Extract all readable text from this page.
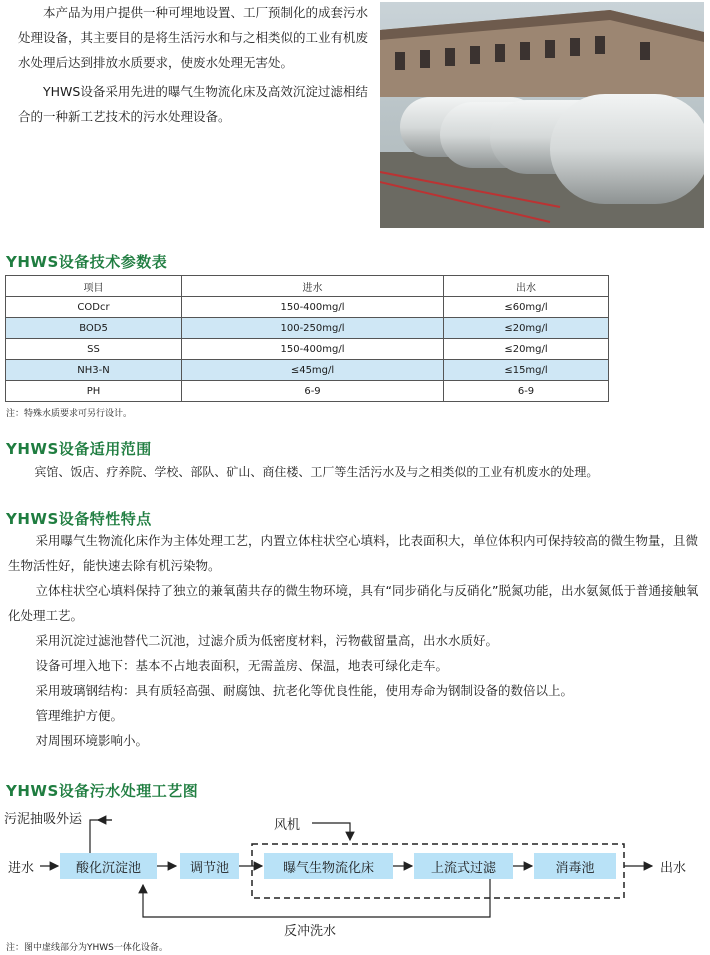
本产品为用户提供一种可埋地设置、工厂预制化的成套污水处理设备，其主要目的是将生活污水和与之相类似的工业有机废水处理后达到排放水质要求，使废水处理无害处。

YHWS设备采用先进的曝气生物流化床及高效沉淀过滤相结合的一种新工艺技术的污水处理设备。

YHWS设备技术参数表
项目	进水	出水
CODcr	150-400mg/l	≤60mg/l
BOD5	100-250mg/l	≤20mg/l
SS	150-400mg/l	≤20mg/l
NH3-N	≤45mg/l	≤15mg/l
PH	6-9	6-9
注：特殊水质要求可另行设计。
YHWS设备适用范围

宾馆、饭店、疗养院、学校、部队、矿山、商住楼、工厂等生活污水及与之相类似的工业有机废水的处理。

YHWS设备特性特点

采用曝气生物流化床作为主体处理工艺，内置立体柱状空心填料，比表面积大，单位体积内可保持较高的微生物量，且微生物活性好，能快速去除有机污染物。

立体柱状空心填料保持了独立的兼氧菌共存的微生物环境，具有“同步硝化与反硝化”脱氮功能，出水氨氮低于普通接触氧化处理工艺。

采用沉淀过滤池替代二沉池，过滤介质为低密度材料，污物截留量高，出水水质好。

设备可埋入地下：基本不占地表面积，无需盖房、保温，地表可绿化走车。

采用玻璃钢结构：具有质轻高强、耐腐蚀、抗老化等优良性能，使用寿命为钢制设备的数倍以上。

管理维护方便。

对周围环境影响小。

YHWS设备污水处理工艺图
污泥抽吸外运	风机
进水	出水
反冲洗水
酸化沉淀池	调节池	曝气生物流化床	上流式过滤	消毒池
注：图中虚线部分为YHWS一体化设备。
